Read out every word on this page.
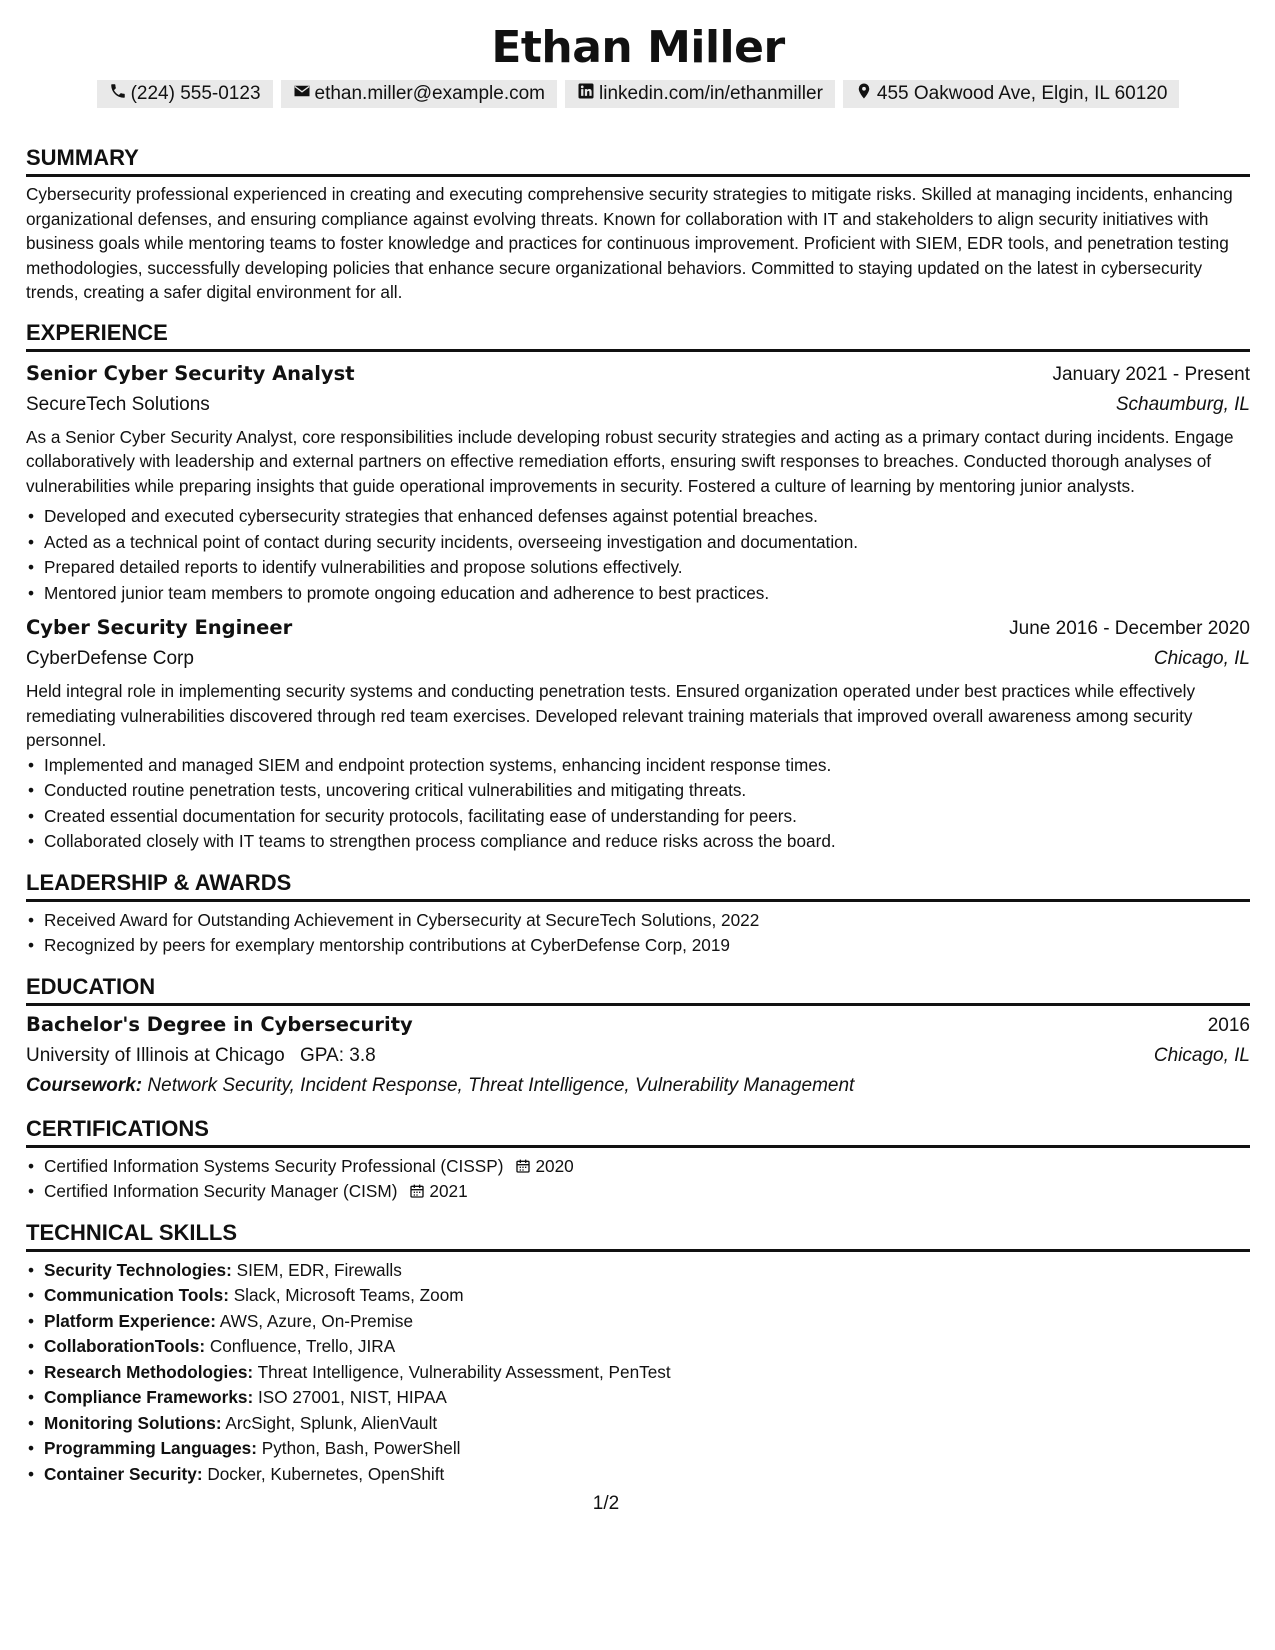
Ethan Miller
(224) 555-0123	ethan.miller@example.com	linkedin.com/in/ethanmiller	455 Oakwood Ave, Elgin, IL 60120
SUMMARY

Cybersecurity professional experienced in creating and executing comprehensive security strategies to mitigate risks. Skilled at managing incidents, enhancing organizational defenses, and ensuring compliance against evolving threats. Known for collaboration with IT and stakeholders to align security initiatives with business goals while mentoring teams to foster knowledge and practices for continuous improvement. Proficient with SIEM, EDR tools, and penetration testing methodologies, successfully developing policies that enhance secure organizational behaviors. Committed to staying updated on the latest in cybersecurity trends, creating a safer digital environment for all.

EXPERIENCE
Senior Cyber Security Analyst	January 2021 - Present
SecureTech Solutions	Schaumburg, IL

As a Senior Cyber Security Analyst, core responsibilities include developing robust security strategies and acting as a primary contact during incidents. Engage collaboratively with leadership and external partners on effective remediation efforts, ensuring swift responses to breaches. Conducted thorough analyses of vulnerabilities while preparing insights that guide operational improvements in security. Fostered a culture of learning by mentoring junior analysts.

• Developed and executed cybersecurity strategies that enhanced defenses against potential breaches.
• Acted as a technical point of contact during security incidents, overseeing investigation and documentation.
• Prepared detailed reports to identify vulnerabilities and propose solutions effectively.
• Mentored junior team members to promote ongoing education and adherence to best practices.
Cyber Security Engineer	June 2016 - December 2020
CyberDefense Corp	Chicago, IL

Held integral role in implementing security systems and conducting penetration tests. Ensured organization operated under best practices while effectively remediating vulnerabilities discovered through red team exercises. Developed relevant training materials that improved overall awareness among security personnel.

• Implemented and managed SIEM and endpoint protection systems, enhancing incident response times.
• Conducted routine penetration tests, uncovering critical vulnerabilities and mitigating threats.
• Created essential documentation for security protocols, facilitating ease of understanding for peers.
• Collaborated closely with IT teams to strengthen process compliance and reduce risks across the board.
LEADERSHIP & AWARDS
• Received Award for Outstanding Achievement in Cybersecurity at SecureTech Solutions, 2022
• Recognized by peers for exemplary mentorship contributions at CyberDefense Corp, 2019
EDUCATION
Bachelor's Degree in Cybersecurity	2016
University of Illinois at Chicago GPA: 3.8	Chicago, IL
Coursework: Network Security, Incident Response, Threat Intelligence, Vulnerability Management
CERTIFICATIONS
• Certified Information Systems Security Professional (CISSP) 2020
• Certified Information Security Manager (CISM) 2021
TECHNICAL SKILLS
• Security Technologies: SIEM, EDR, Firewalls
• Communication Tools: Slack, Microsoft Teams, Zoom
• Platform Experience: AWS, Azure, On-Premise
• CollaborationTools: Confluence, Trello, JIRA
• Research Methodologies: Threat Intelligence, Vulnerability Assessment, PenTest
• Compliance Frameworks: ISO 27001, NIST, HIPAA
• Monitoring Solutions: ArcSight, Splunk, AlienVault
• Programming Languages: Python, Bash, PowerShell
• Container Security: Docker, Kubernetes, OpenShift
1/2
